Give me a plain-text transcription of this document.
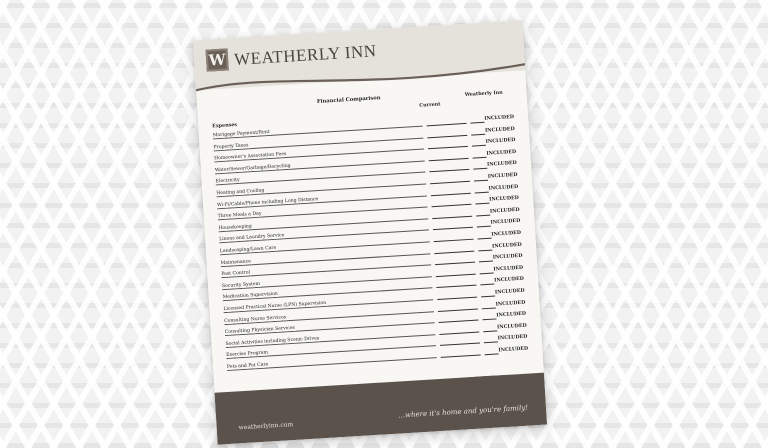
W WEATHERLY INN
Financial Comparison
Current
Weatherly Inn
Expenses
Mortgage Payment/Rent
INCLUDED
Property Taxes
INCLUDED
Homeowner's Association Fees
INCLUDED
Water/Sewer/Garbage/Recycling
INCLUDED
Electricity
INCLUDED
Heating and Cooling
INCLUDED
Wi-Fi/Cable/Phone including Long Distance
INCLUDED
Three Meals a Day
INCLUDED
Housekeeping
INCLUDED
Linens and Laundry Service
INCLUDED
Landscaping/Lawn Care
INCLUDED
Maintenance
INCLUDED
Pest Control
INCLUDED
Security System
INCLUDED
Medication Supervision
INCLUDED
Licensed Practical Nurse (LPN) Supervision
INCLUDED
Consulting Nurse Services
INCLUDED
Consulting Physician Services
INCLUDED
Social Activities including Scenic Drives
INCLUDED
Exercise Program
INCLUDED
Pets and Pet Care
INCLUDED
weatherlyinn.com
...where it's home and you're family!
